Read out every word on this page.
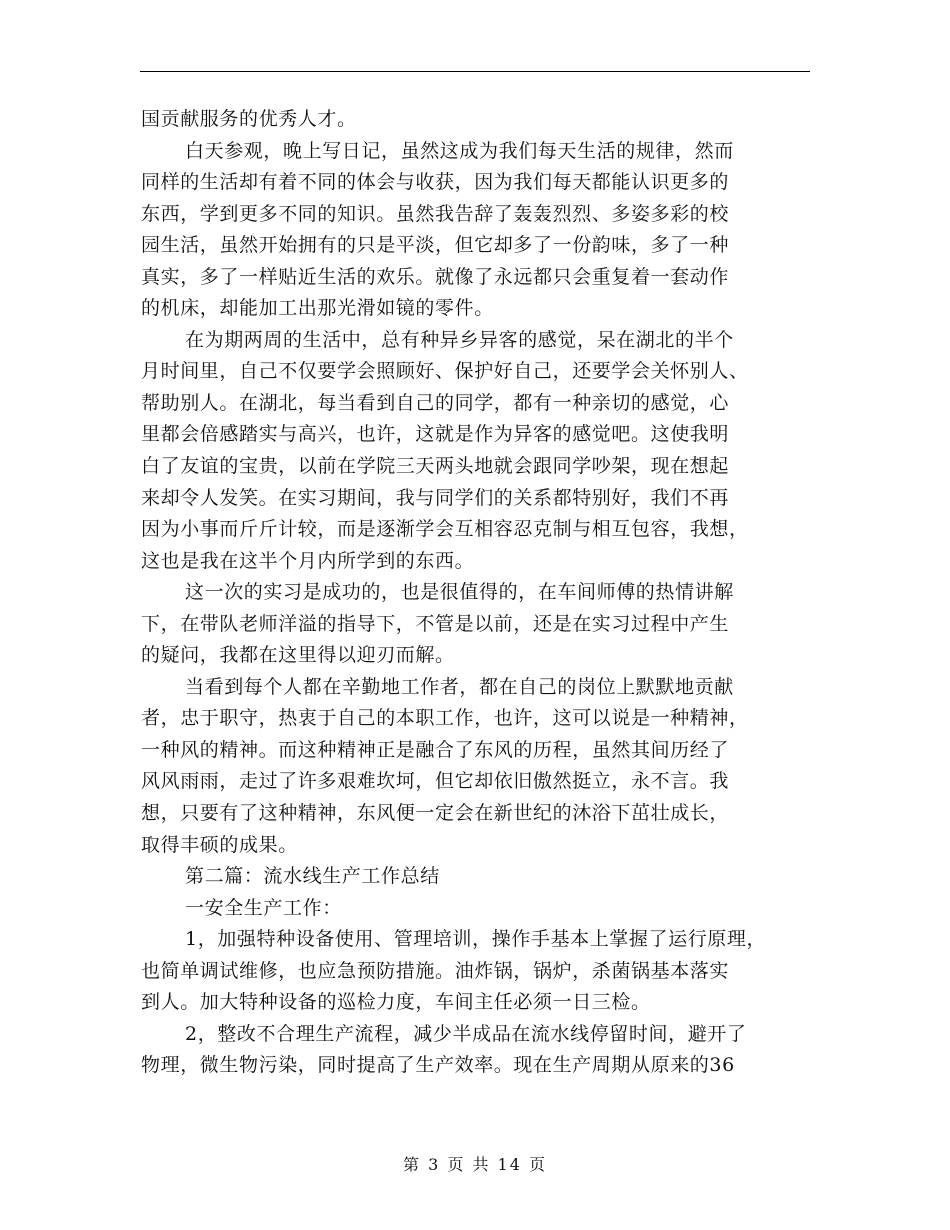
国贡献服务的优秀人才。
白天参观，晚上写日记，虽然这成为我们每天生活的规律，然而
同样的生活却有着不同的体会与收获，因为我们每天都能认识更多的
东西，学到更多不同的知识。虽然我告辞了轰轰烈烈、多姿多彩的校
园生活，虽然开始拥有的只是平淡，但它却多了一份韵味，多了一种
真实，多了一样贴近生活的欢乐。就像了永远都只会重复着一套动作
的机床，却能加工出那光滑如镜的零件。
在为期两周的生活中，总有种异乡异客的感觉，呆在湖北的半个
月时间里，自己不仅要学会照顾好、保护好自己，还要学会关怀别人、
帮助别人。在湖北，每当看到自己的同学，都有一种亲切的感觉，心
里都会倍感踏实与高兴，也许，这就是作为异客的感觉吧。这使我明
白了友谊的宝贵，以前在学院三天两头地就会跟同学吵架，现在想起
来却令人发笑。在实习期间，我与同学们的关系都特别好，我们不再
因为小事而斤斤计较，而是逐渐学会互相容忍克制与相互包容，我想，
这也是我在这半个月内所学到的东西。
这一次的实习是成功的，也是很值得的，在车间师傅的热情讲解
下，在带队老师洋溢的指导下，不管是以前，还是在实习过程中产生
的疑问，我都在这里得以迎刃而解。
当看到每个人都在辛勤地工作者，都在自己的岗位上默默地贡献
者，忠于职守，热衷于自己的本职工作，也许，这可以说是一种精神，
一种风的精神。而这种精神正是融合了东风的历程，虽然其间历经了
风风雨雨，走过了许多艰难坎坷，但它却依旧傲然挺立，永不言。我
想，只要有了这种精神，东风便一定会在新世纪的沐浴下茁壮成长，
取得丰硕的成果。
第二篇：流水线生产工作总结
一安全生产工作：
1，加强特种设备使用、管理培训，操作手基本上掌握了运行原理，
也简单调试维修，也应急预防措施。油炸锅，锅炉，杀菌锅基本落实
到人。加大特种设备的巡检力度，车间主任必须一日三检。
2，整改不合理生产流程，减少半成品在流水线停留时间，避开了
物理，微生物污染，同时提高了生产效率。现在生产周期从原来的36
第 3 页 共 14 页
